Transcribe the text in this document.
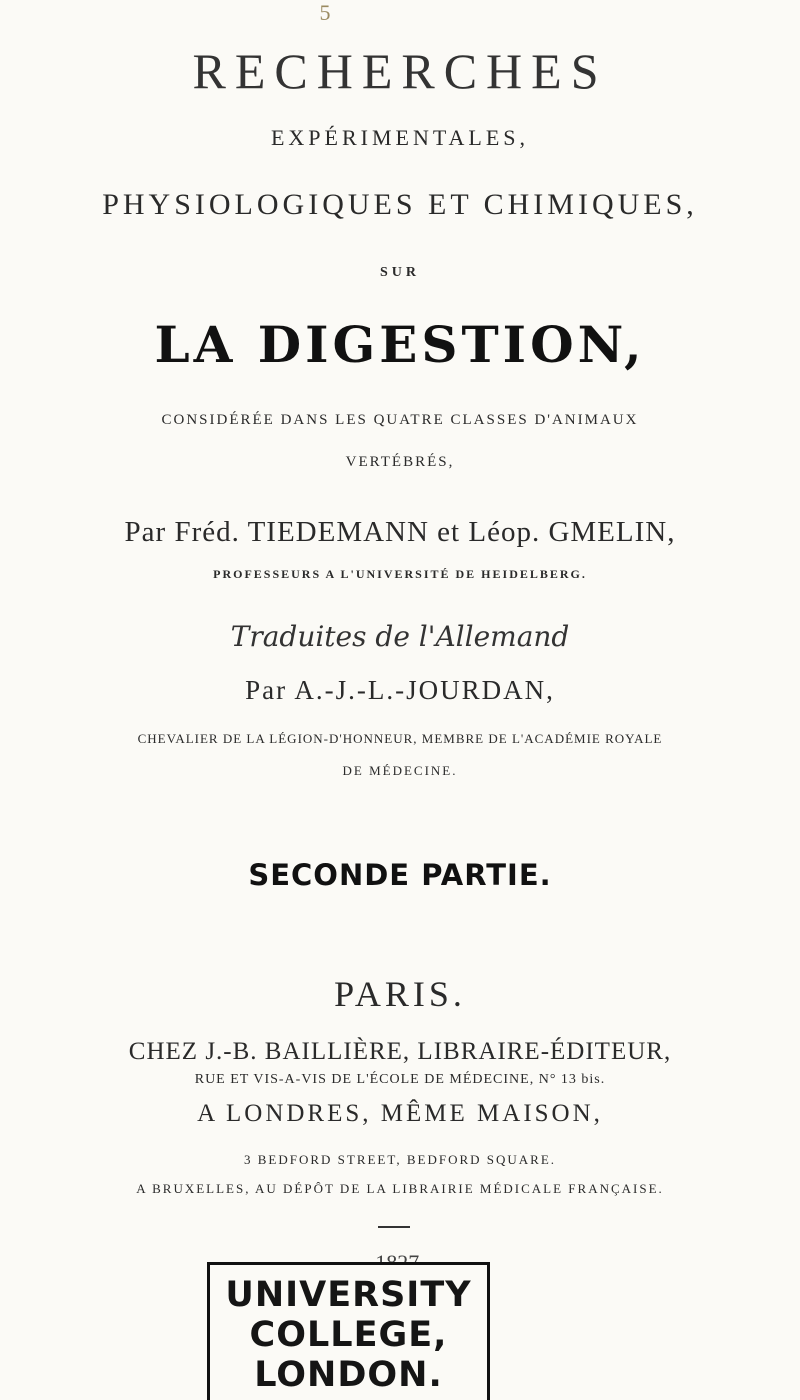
5
RECHERCHES
EXPÉRIMENTALES,
PHYSIOLOGIQUES ET CHIMIQUES,
SUR
LA DIGESTION,
CONSIDÉRÉE DANS LES QUATRE CLASSES D'ANIMAUX
VERTÉBRÉS,
Par Fréd. TIEDEMANN et Léop. GMELIN,
PROFESSEURS A L'UNIVERSITÉ DE HEIDELBERG.
Traduites de l'Allemand
Par A.-J.-L.-JOURDAN,
CHEVALIER DE LA LÉGION-D'HONNEUR, MEMBRE DE L'ACADÉMIE ROYALE
DE MÉDECINE.
SECONDE PARTIE.
PARIS.
CHEZ J.-B. BAILLIÈRE, LIBRAIRE-ÉDITEUR,
RUE ET VIS-A-VIS DE L'ÉCOLE DE MÉDECINE, N° 13 bis.
A LONDRES, MÊME MAISON,
3 BEDFORD STREET, BEDFORD SQUARE.
A BRUXELLES, AU DÉPÔT DE LA LIBRAIRIE MÉDICALE FRANÇAISE.
UNIVERSITY
COLLEGE,
LONDON.
